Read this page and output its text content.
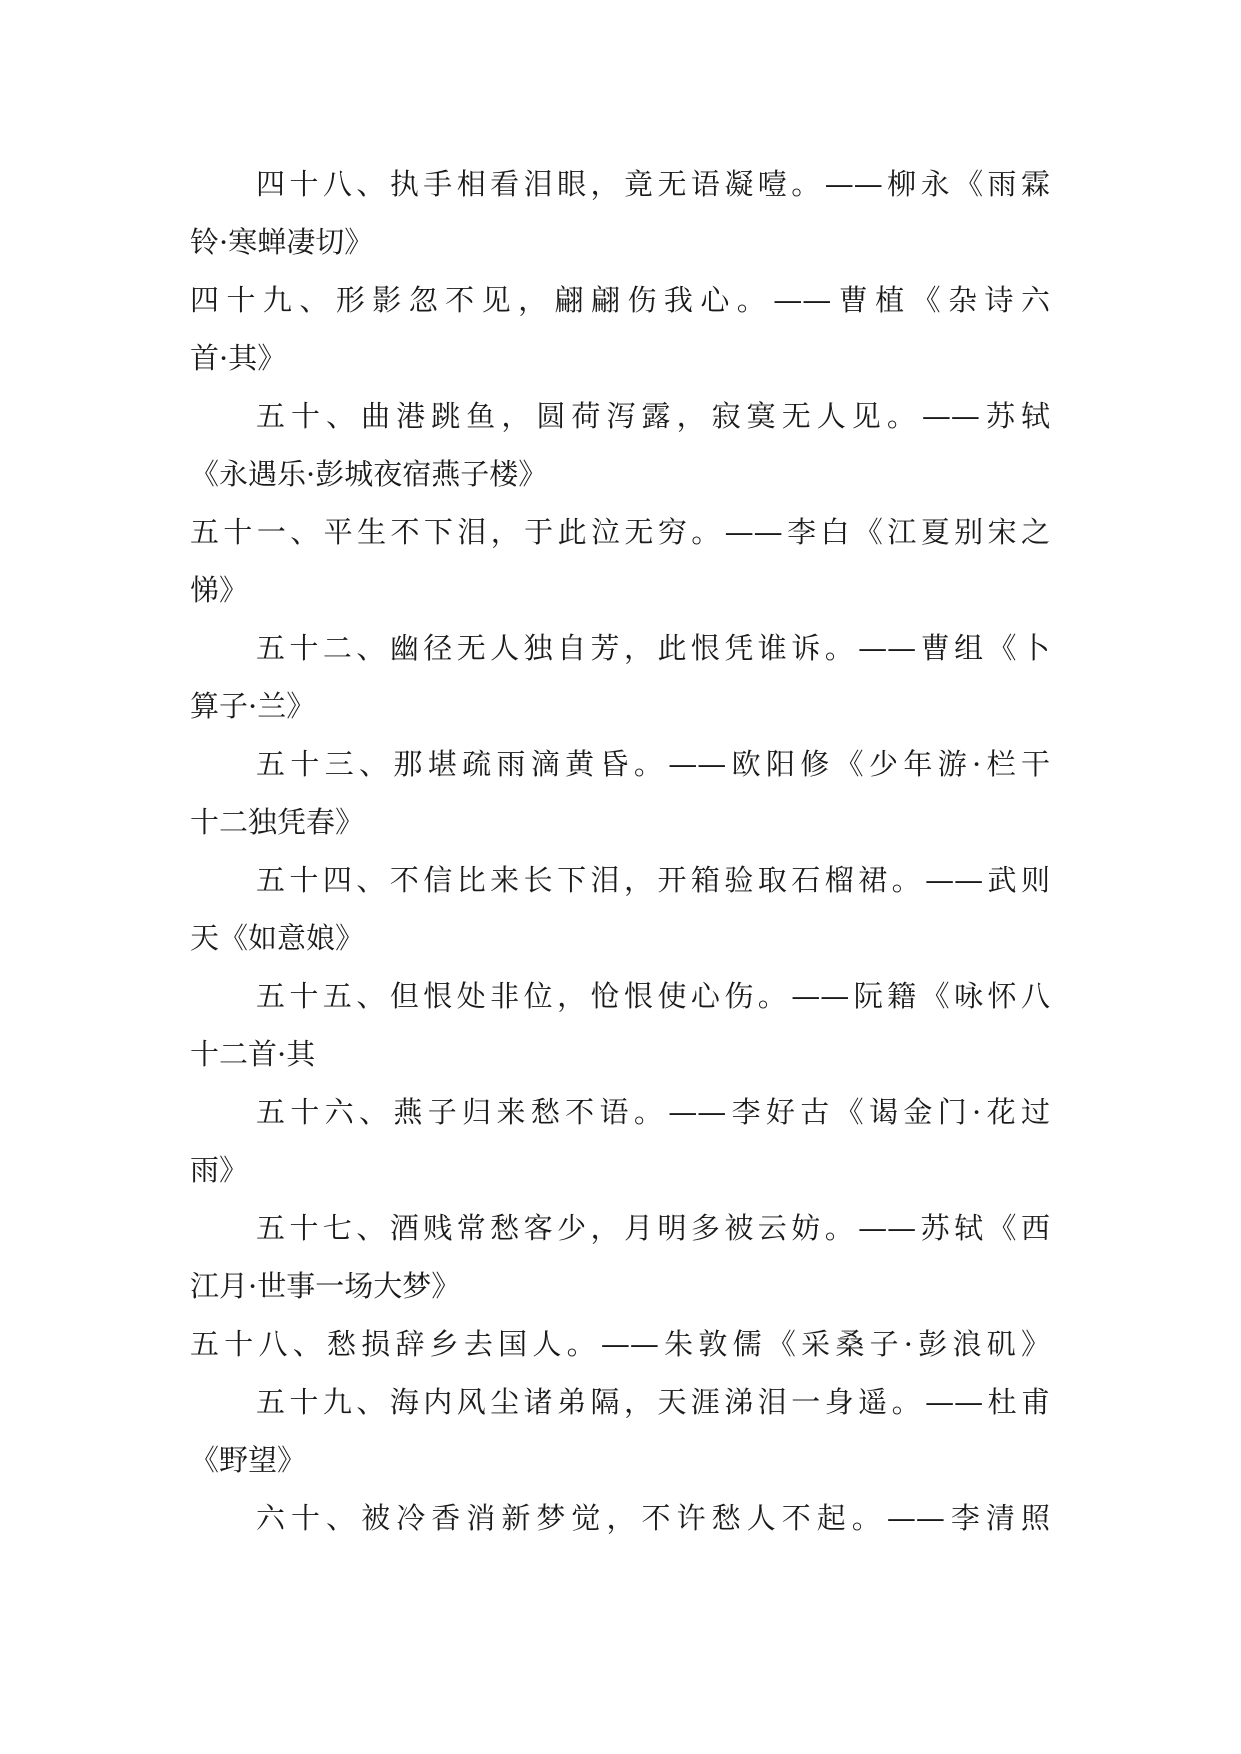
四十八、执手相看泪眼，竟无语凝噎。——柳永《雨霖
铃·寒蝉凄切》

四十九、形影忽不见，翩翩伤我心。——曹植《杂诗六
首·其》

五十、曲港跳鱼，圆荷泻露，寂寞无人见。——苏轼
《永遇乐·彭城夜宿燕子楼》

五十一、平生不下泪，于此泣无穷。——李白《江夏别宋之
悌》

五十二、幽径无人独自芳，此恨凭谁诉。——曹组《卜
算子·兰》

五十三、那堪疏雨滴黄昏。——欧阳修《少年游·栏干
十二独凭春》

五十四、不信比来长下泪，开箱验取石榴裙。——武则
天《如意娘》

五十五、但恨处非位，怆恨使心伤。——阮籍《咏怀八
十二首·其

五十六、燕子归来愁不语。——李好古《谒金门·花过
雨》

五十七、酒贱常愁客少，月明多被云妨。——苏轼《西
江月·世事一场大梦》

五十八、愁损辞乡去国人。——朱敦儒《采桑子·彭浪矶》

五十九、海内风尘诸弟隔，天涯涕泪一身遥。——杜甫
《野望》

六十、被冷香消新梦觉，不许愁人不起。——李清照
